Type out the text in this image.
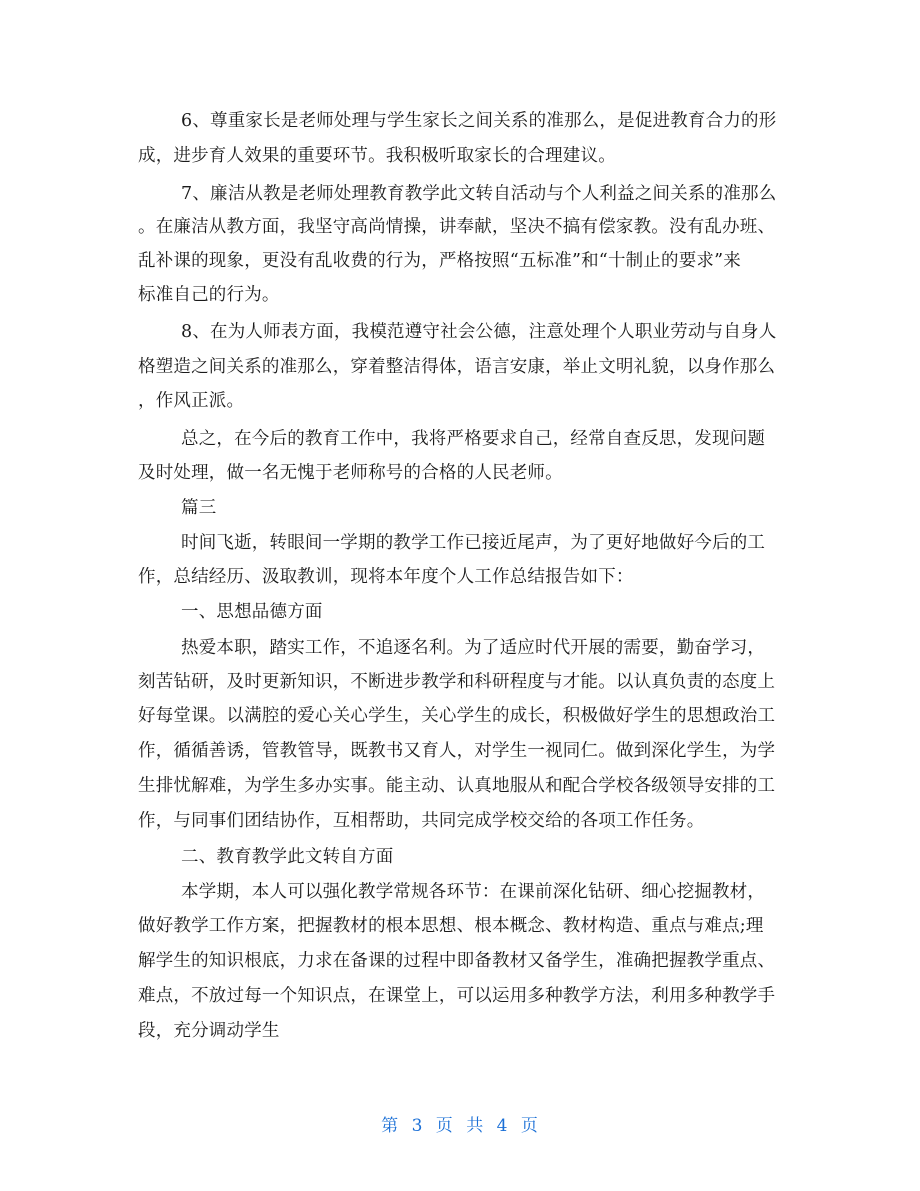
6、尊重家长是老师处理与学生家长之间关系的准那么，是促进教育合力的形
成，进步育人效果的重要环节。我积极听取家长的合理建议。
7、廉洁从教是老师处理教育教学此文转自活动与个人利益之间关系的准那么
。在廉洁从教方面，我坚守高尚情操，讲奉献，坚决不搞有偿家教。没有乱办班、
乱补课的现象，更没有乱收费的行为，严格按照“五标准”和“十制止的要求”来
标准自己的行为。
8、在为人师表方面，我模范遵守社会公德，注意处理个人职业劳动与自身人
格塑造之间关系的准那么，穿着整洁得体，语言安康，举止文明礼貌，以身作那么
，作风正派。
总之，在今后的教育工作中，我将严格要求自己，经常自查反思，发现问题
及时处理，做一名无愧于老师称号的合格的人民老师。
篇三
时间飞逝，转眼间一学期的教学工作已接近尾声，为了更好地做好今后的工
作，总结经历、汲取教训，现将本年度个人工作总结报告如下：
一、思想品德方面
热爱本职，踏实工作，不追逐名利。为了适应时代开展的需要，勤奋学习，
刻苦钻研，及时更新知识，不断进步教学和科研程度与才能。以认真负责的态度上
好每堂课。以满腔的爱心关心学生，关心学生的成长，积极做好学生的思想政治工
作，循循善诱，管教管导，既教书又育人，对学生一视同仁。做到深化学生，为学
生排忧解难，为学生多办实事。能主动、认真地服从和配合学校各级领导安排的工
作，与同事们团结协作，互相帮助，共同完成学校交给的各项工作任务。
二、教育教学此文转自方面
本学期，本人可以强化教学常规各环节：在课前深化钻研、细心挖掘教材，
做好教学工作方案，把握教材的根本思想、根本概念、教材构造、重点与难点;理
解学生的知识根底，力求在备课的过程中即备教材又备学生，准确把握教学重点、
难点，不放过每一个知识点，在课堂上，可以运用多种教学方法，利用多种教学手
段，充分调动学生
第 3 页 共 4 页
